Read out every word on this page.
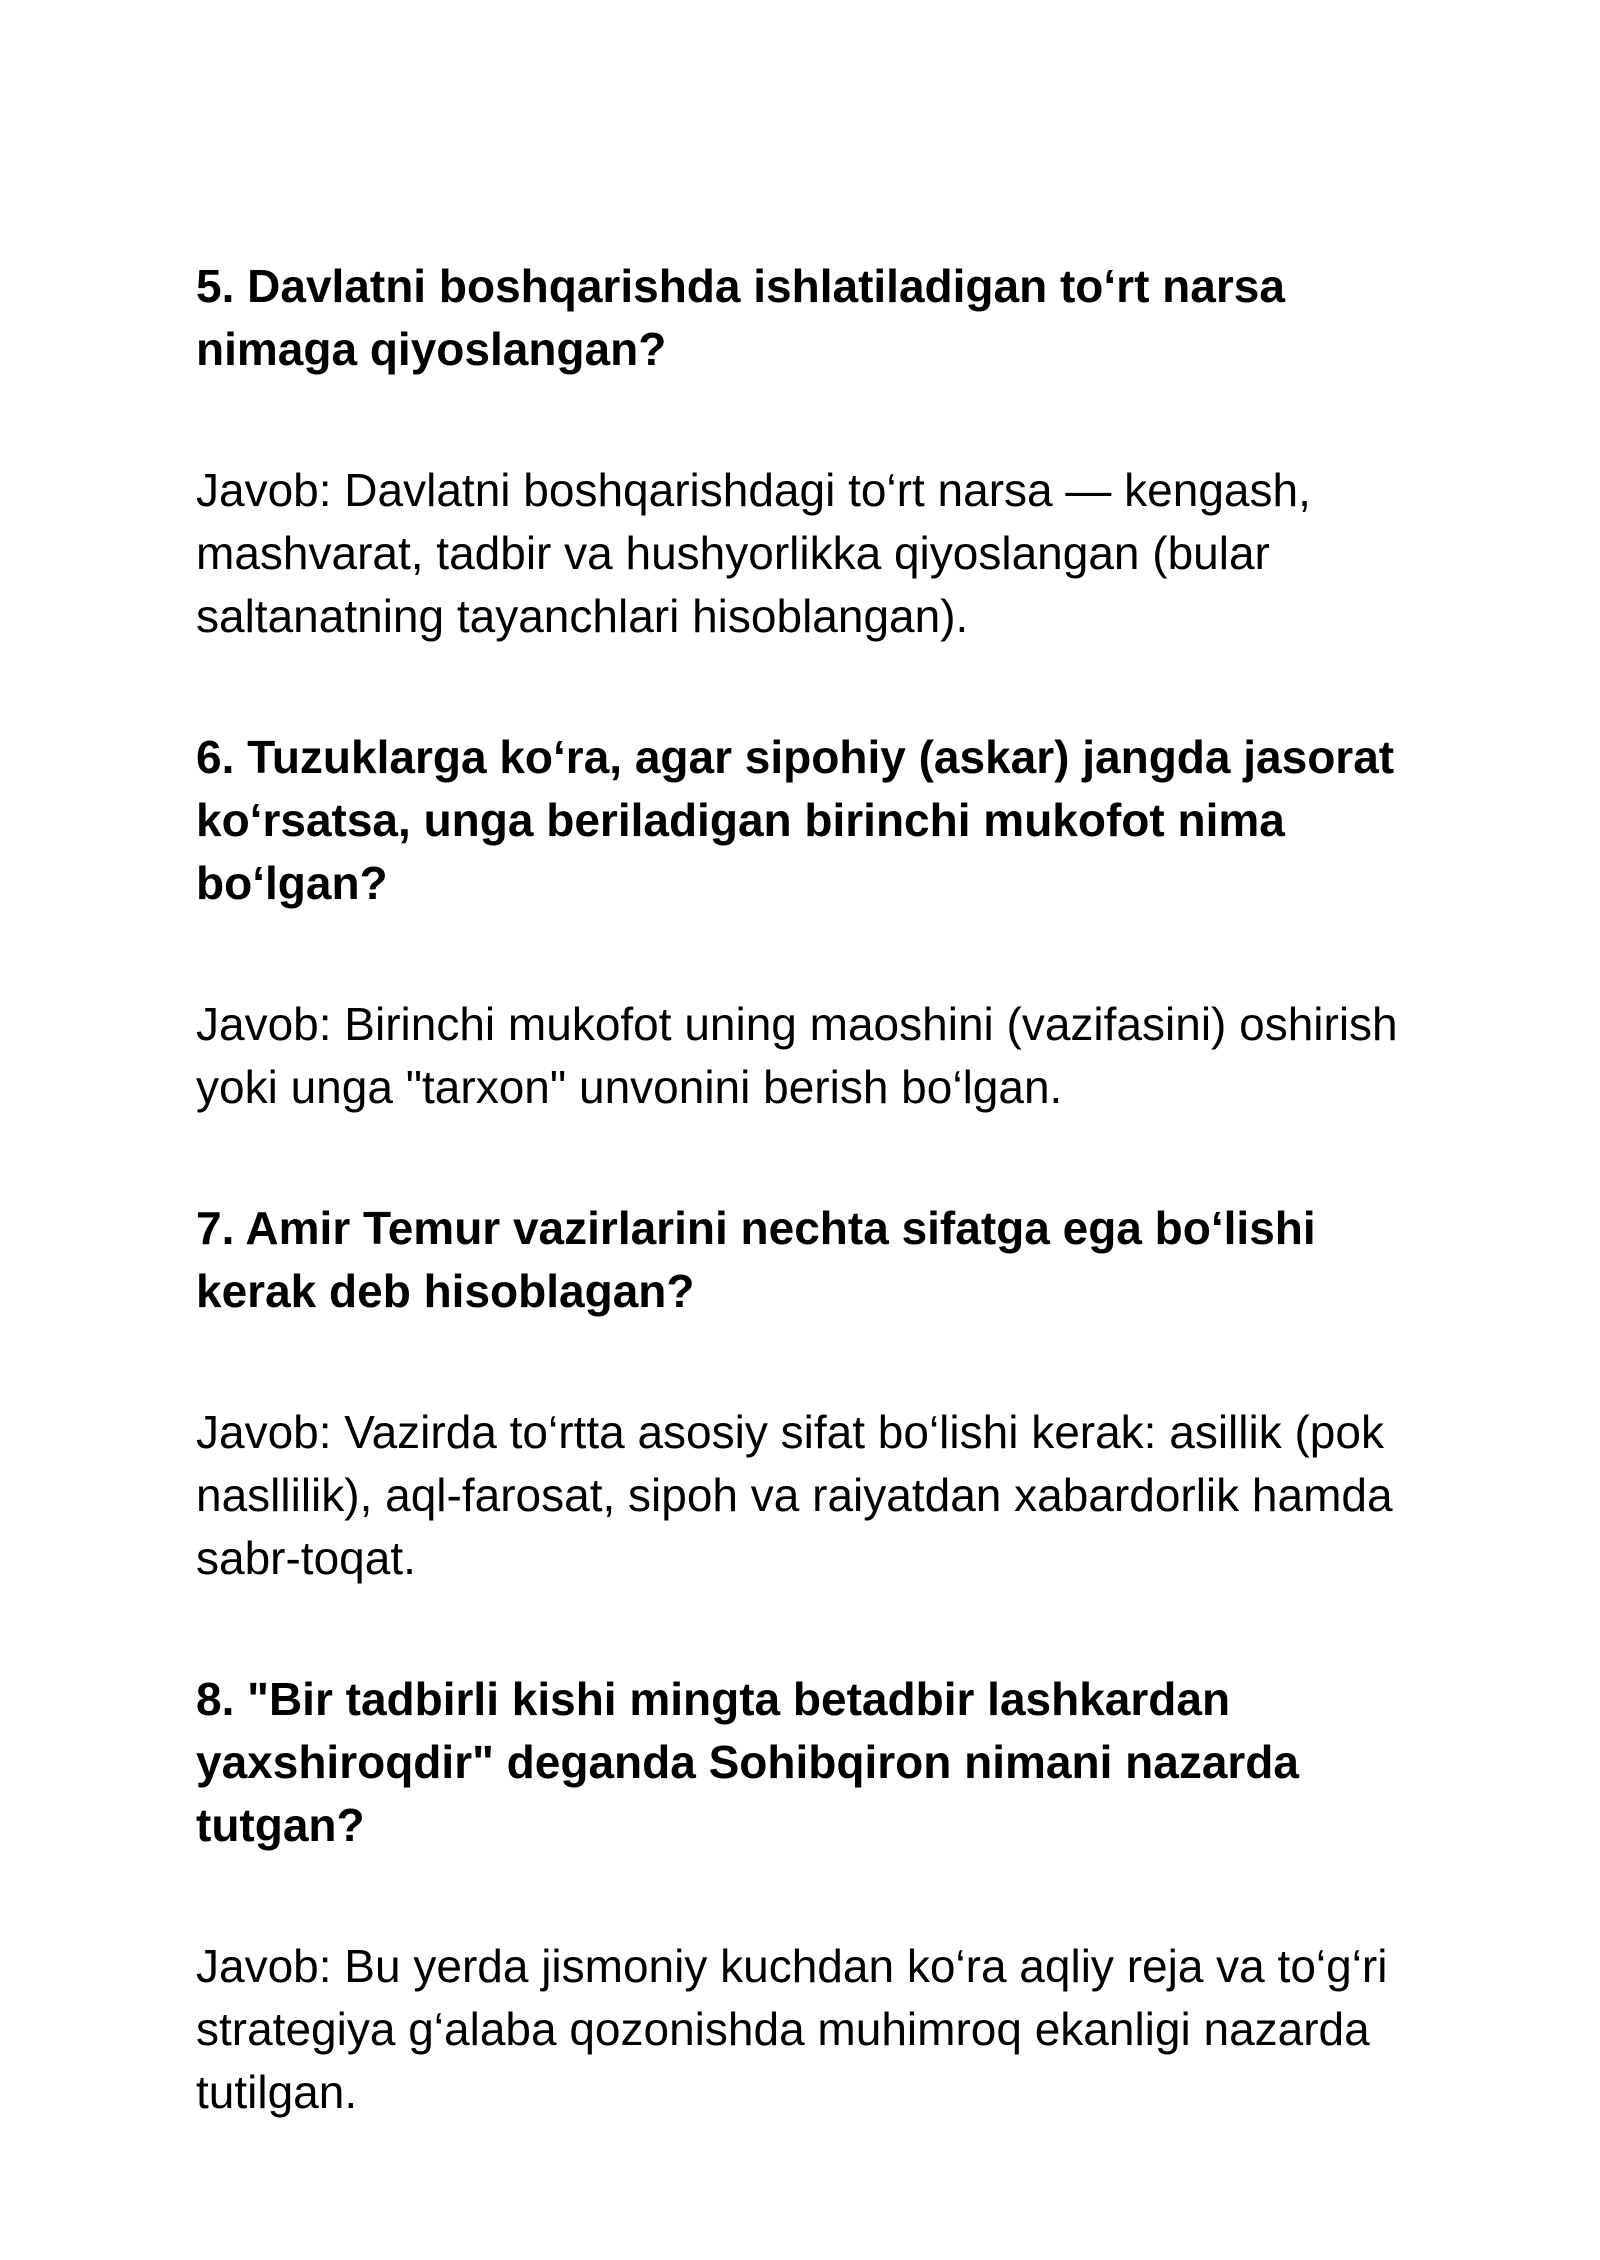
5. Davlatni boshqarishda ishlatiladigan to‘rt narsa nimaga qiyoslangan?

Javob: Davlatni boshqarishdagi to‘rt narsa — kengash, mashvarat, tadbir va hushyorlikka qiyoslangan (bular saltanatning tayanchlari hisoblangan).

6. Tuzuklarga ko‘ra, agar sipohiy (askar) jangda jasorat ko‘rsatsa, unga beriladigan birinchi mukofot nima bo‘lgan?

Javob: Birinchi mukofot uning maoshini (vazifasini) oshirish yoki unga "tarxon" unvonini berish bo‘lgan.

7. Amir Temur vazirlarini nechta sifatga ega bo‘lishi kerak deb hisoblagan?

Javob: Vazirda to‘rtta asosiy sifat bo‘lishi kerak: asillik (pok nasllilik), aql-farosat, sipoh va raiyatdan xabardorlik hamda sabr-toqat.

8. "Bir tadbirli kishi mingta betadbir lashkardan yaxshiroqdir" deganda Sohibqiron nimani nazarda tutgan?

Javob: Bu yerda jismoniy kuchdan ko‘ra aqliy reja va to‘g‘ri strategiya g‘alaba qozonishda muhimroq ekanligi nazarda tutilgan.
